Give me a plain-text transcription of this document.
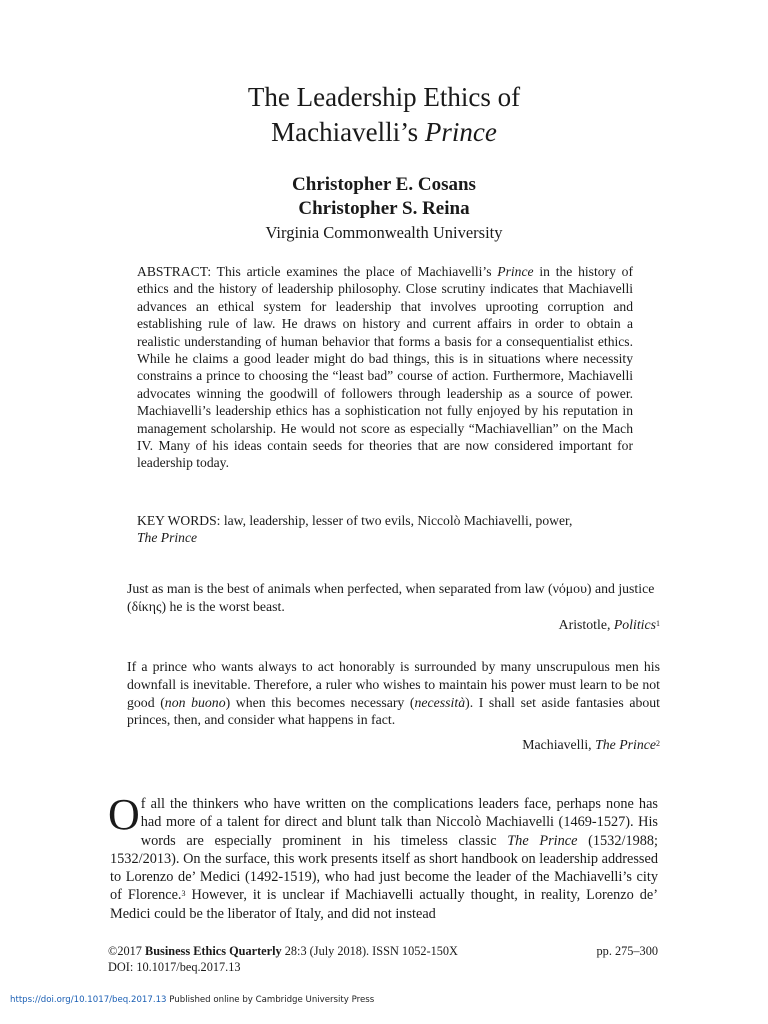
The Leadership Ethics of
Machiavelli’s Prince
Christopher E. Cosans
Christopher S. Reina
Virginia Commonwealth University
ABSTRACT: This article examines the place of Machiavelli’s Prince in the history of ethics and the history of leadership philosophy. Close scrutiny indicates that Machiavelli advances an ethical system for leadership that involves uprooting corruption and establishing rule of law. He draws on history and current affairs in order to obtain a realistic understanding of human behavior that forms a basis for a consequentialist ethics. While he claims a good leader might do bad things, this is in situations where necessity constrains a prince to choosing the “least bad” course of action. Furthermore, Machiavelli advocates winning the goodwill of followers through leadership as a source of power. Machiavelli’s leadership ethics has a sophistication not fully enjoyed by his reputation in management scholarship. He would not score as especially “Machiavellian” on the Mach IV. Many of his ideas contain seeds for theories that are now considered important for leadership today.
KEY WORDS: law, leadership, lesser of two evils, Niccolò Machiavelli, power,
The Prince
Just as man is the best of animals when perfected, when separated from law (νόμου) and justice (δίκης) he is the worst beast.
Aristotle, Politics$^1$
If a prince who wants always to act honorably is surrounded by many unscrupulous men his downfall is inevitable. Therefore, a ruler who wishes to maintain his power must learn to be not good (non buono) when this becomes necessary (necessità). I shall set aside fantasies about princes, then, and consider what happens in fact.
Machiavelli, The Prince$^2$
Of all the thinkers who have written on the complications leaders face, perhaps none has had more of a talent for direct and blunt talk than Niccolò Machiavelli (1469-1527). His words are especially prominent in his timeless classic The Prince (1532/1988; 1532/2013). On the surface, this work presents itself as short handbook on leadership addressed to Lorenzo de’ Medici (1492-1519), who had just become the leader of the Machiavelli’s city of Florence.$^3$ However, it is unclear if Machiavelli actually thought, in reality, Lorenzo de’ Medici could be the liberator of Italy, and did not instead
©2017 Business Ethics Quarterly 28:3 (July 2018). ISSN 1052-150X	pp. 275–300
DOI: 10.1017/beq.2017.13
https://doi.org/10.1017/beq.2017.13 Published online by Cambridge University Press
